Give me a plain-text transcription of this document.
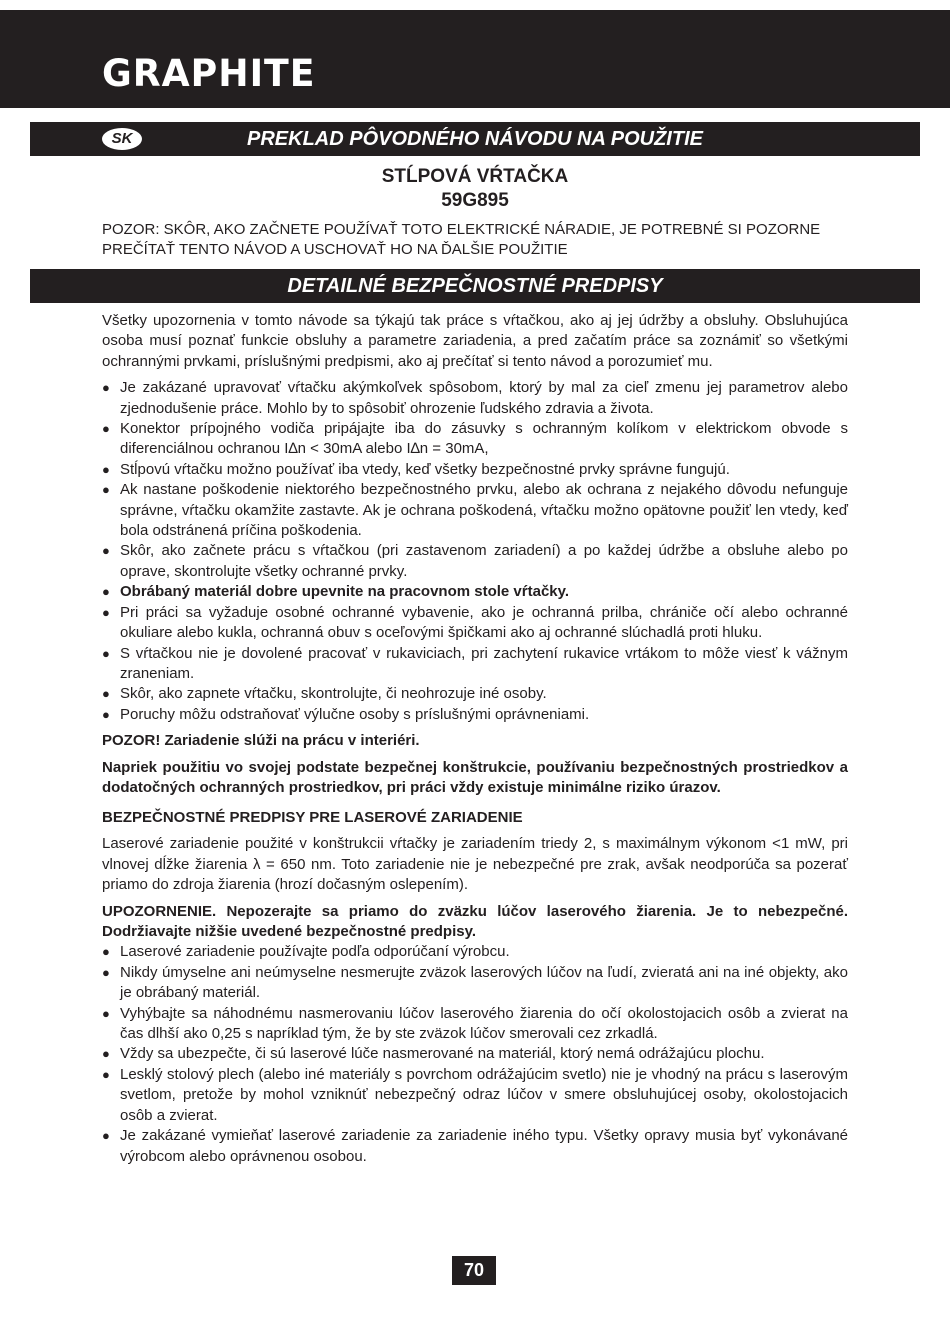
GRAPHITE
SK	PREKLAD PÔVODNÉHO NÁVODU NA POUŽITIE
STĹPOVÁ VŔTAČKA
59G895

POZOR: SKÔR, AKO ZAČNETE POUŽÍVAŤ TOTO ELEKTRICKÉ NÁRADIE, JE POTREBNÉ SI POZORNE PREČÍTAŤ TENTO NÁVOD A USCHOVAŤ HO NA ĎALŠIE POUŽITIE

DETAILNÉ BEZPEČNOSTNÉ PREDPISY

Všetky upozornenia v tomto návode sa týkajú tak práce s vŕtačkou, ako aj jej údržby a obsluhy. Obsluhujúca osoba musí poznať funkcie obsluhy a parametre zariadenia, a pred začatím práce sa zoznámiť so všetkými ochrannými prvkami, príslušnými predpismi, ako aj prečítať si tento návod a porozumieť mu.

● Je zakázané upravovať vŕtačku akýmkoľvek spôsobom, ktorý by mal za cieľ zmenu jej parametrov alebo zjednodušenie práce. Mohlo by to spôsobiť ohrozenie ľudského zdravia a života.
● Konektor prípojného vodiča pripájajte iba do zásuvky s ochranným kolíkom v elektrickom obvode s diferenciálnou ochranou I∆n < 30mA alebo I∆n = 30mA,
● Stĺpovú vŕtačku možno používať iba vtedy, keď všetky bezpečnostné prvky správne fungujú.
● Ak nastane poškodenie niektorého bezpečnostného prvku, alebo ak ochrana z nejakého dôvodu nefunguje správne, vŕtačku okamžite zastavte. Ak je ochrana poškodená, vŕtačku možno opätovne použiť len vtedy, keď bola odstránená príčina poškodenia.
● Skôr, ako začnete prácu s vŕtačkou (pri zastavenom zariadení) a po každej údržbe a obsluhe alebo po oprave, skontrolujte všetky ochranné prvky.
● Obrábaný materiál dobre upevnite na pracovnom stole vŕtačky.
● Pri práci sa vyžaduje osobné ochranné vybavenie, ako je ochranná prilba, chrániče očí alebo ochranné okuliare alebo kukla, ochranná obuv s oceľovými špičkami ako aj ochranné slúchadlá proti hluku.
● S vŕtačkou nie je dovolené pracovať v rukaviciach, pri zachytení rukavice vrtákom to môže viesť k vážnym zraneniam.
● Skôr, ako zapnete vŕtačku, skontrolujte, či neohrozuje iné osoby.
● Poruchy môžu odstraňovať výlučne osoby s príslušnými oprávneniami.

POZOR! Zariadenie slúži na prácu v interiéri.

Napriek použitiu vo svojej podstate bezpečnej konštrukcie, používaniu bezpečnostných prostriedkov a dodatočných ochranných prostriedkov, pri práci vždy existuje minimálne riziko úrazov.

BEZPEČNOSTNÉ PREDPISY PRE LASEROVÉ ZARIADENIE

Laserové zariadenie použité v konštrukcii vŕtačky je zariadením triedy 2, s maximálnym výkonom <1 mW, pri vlnovej dĺžke žiarenia λ = 650 nm. Toto zariadenie nie je nebezpečné pre zrak, avšak neodporúča sa pozerať priamo do zdroja žiarenia (hrozí dočasným oslepením).

UPOZORNENIE. Nepozerajte sa priamo do zväzku lúčov laserového žiarenia. Je to nebezpečné. Dodržiavajte nižšie uvedené bezpečnostné predpisy.

● Laserové zariadenie používajte podľa odporúčaní výrobcu.
● Nikdy úmyselne ani neúmyselne nesmerujte zväzok laserových lúčov na ľudí, zvieratá ani na iné objekty, ako je obrábaný materiál.
● Vyhýbajte sa náhodnému nasmerovaniu lúčov laserového žiarenia do očí okolostojacich osôb a zvierat na čas dlhší ako 0,25 s napríklad tým, že by ste zväzok lúčov smerovali cez zrkadlá.
● Vždy sa ubezpečte, či sú laserové lúče nasmerované na materiál, ktorý nemá odrážajúcu plochu.
● Lesklý stolový plech (alebo iné materiály s povrchom odrážajúcim svetlo) nie je vhodný na prácu s laserovým svetlom, pretože by mohol vzniknúť nebezpečný odraz lúčov v smere obsluhujúcej osoby, okolostojacich osôb a zvierat.
● Je zakázané vymieňať laserové zariadenie za zariadenie iného typu. Všetky opravy musia byť vykonávané výrobcom alebo oprávnenou osobou.
70
